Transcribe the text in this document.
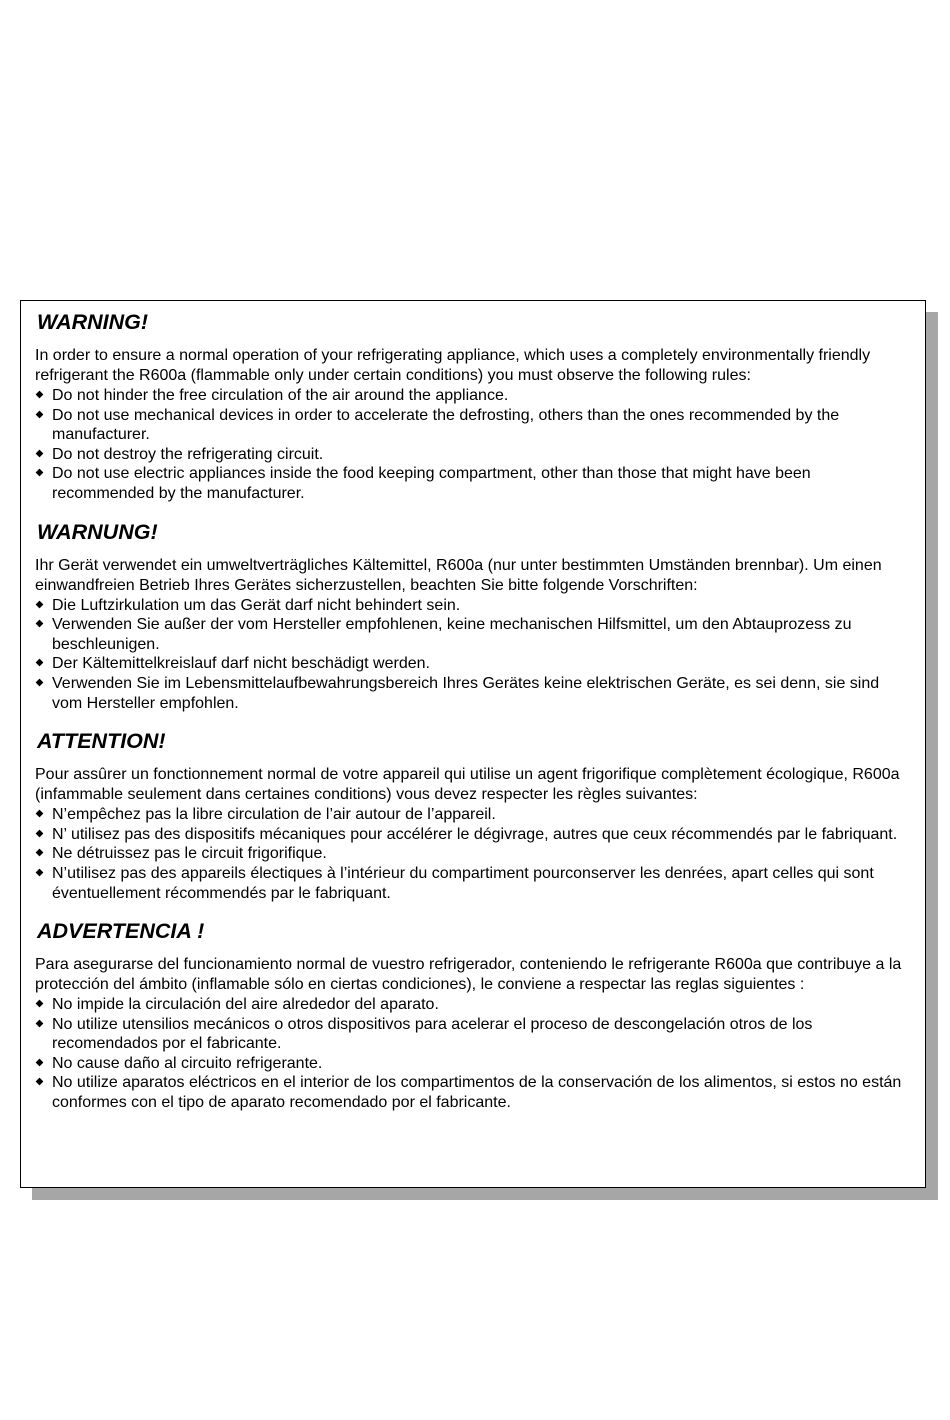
WARNING!

In order to ensure a normal operation of your refrigerating appliance, which uses a completely environmentally friendly refrigerant the R600a (flammable only under certain conditions) you must observe the following rules:

Do not hinder the free circulation of the air around the appliance.
Do not use mechanical devices in order to accelerate the defrosting, others than the ones recommended by the manufacturer.
Do not destroy the refrigerating circuit.
Do not use electric appliances inside the food keeping compartment, other than those that might have been recommended by the manufacturer.
WARNUNG!

Ihr Gerät verwendet ein umweltverträgliches Kältemittel, R600a (nur unter bestimmten Umständen brennbar). Um einen einwandfreien Betrieb Ihres Gerätes sicherzustellen, beachten Sie bitte folgende Vorschriften:

Die Luftzirkulation um das Gerät darf nicht behindert sein.
Verwenden Sie außer der vom Hersteller empfohlenen, keine mechanischen Hilfsmittel, um den Abtauprozess zu beschleunigen.
Der Kältemittelkreislauf darf nicht beschädigt werden.
Verwenden Sie im Lebensmittelaufbewahrungsbereich Ihres Gerätes keine elektrischen Geräte, es sei denn, sie sind vom Hersteller empfohlen.
ATTENTION!

Pour assûrer un fonctionnement normal de votre appareil qui utilise un agent frigorifique complètement écologique, R600a (infammable seulement dans certaines conditions) vous devez respecter les règles suivantes:

N’empêchez pas la libre circulation de l’air autour de l’appareil.
N’ utilisez pas des dispositifs mécaniques pour accélérer le dégivrage, autres que ceux récommendés par le fabriquant.
Ne détruissez pas le circuit frigorifique.
N’utilisez pas des appareils électiques à l’intérieur du compartiment pourconserver les denrées, apart celles qui sont éventuellement récommendés par le fabriquant.
ADVERTENCIA !

Para asegurarse del funcionamiento normal de vuestro refrigerador, conteniendo le refrigerante R600a que contribuye a la protección del ámbito (inflamable sólo en ciertas condiciones), le conviene a respectar las reglas siguientes :

No impide la circulación del aire alrededor del aparato.
No utilize utensilios mecánicos o otros dispositivos para acelerar el proceso de descongelación otros de los recomendados por el fabricante.
No cause daño al circuito refrigerante.
No utilize aparatos eléctricos en el interior de los compartimentos de la conservación de los alimentos, si estos no están conformes con el tipo de aparato recomendado por el fabricante.
